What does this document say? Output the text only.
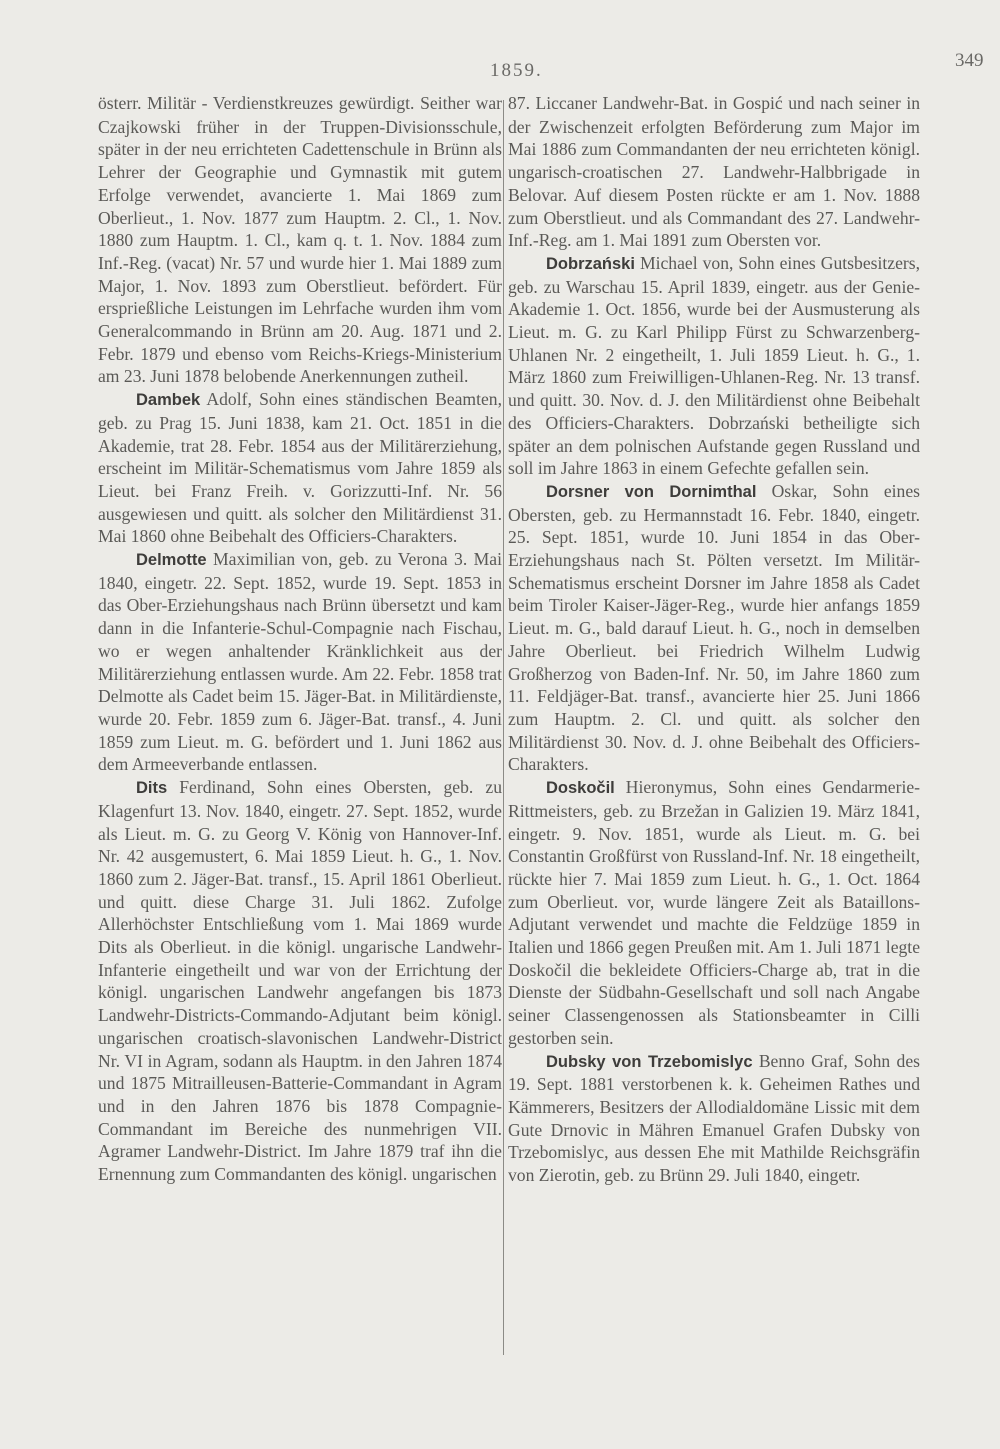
1859.	349

österr. Militär - Verdienstkreuzes gewürdigt. Seither war Czajkowski früher in der Truppen-Divisionsschule, später in der neu errichteten Cadettenschule in Brünn als Lehrer der Geographie und Gymnastik mit gutem Erfolge verwendet, avancierte 1. Mai 1869 zum Oberlieut., 1. Nov. 1877 zum Hauptm. 2. Cl., 1. Nov. 1880 zum Hauptm. 1. Cl., kam q. t. 1. Nov. 1884 zum Inf.-Reg. (vacat) Nr. 57 und wurde hier 1. Mai 1889 zum Major, 1. Nov. 1893 zum Oberstlieut. befördert. Für ersprießliche Leistungen im Lehrfache wurden ihm vom Generalcommando in Brünn am 20. Aug. 1871 und 2. Febr. 1879 und ebenso vom Reichs-Kriegs-Ministerium am 23. Juni 1878 belobende Anerkennungen zutheil.

Dambek Adolf, Sohn eines ständischen Beamten, geb. zu Prag 15. Juni 1838, kam 21. Oct. 1851 in die Akademie, trat 28. Febr. 1854 aus der Militärerziehung, erscheint im Militär-Schematismus vom Jahre 1859 als Lieut. bei Franz Freih. v. Gorizzutti-Inf. Nr. 56 ausgewiesen und quitt. als solcher den Militärdienst 31. Mai 1860 ohne Beibehalt des Officiers-Charakters.

Delmotte Maximilian von, geb. zu Verona 3. Mai 1840, eingetr. 22. Sept. 1852, wurde 19. Sept. 1853 in das Ober-Erziehungshaus nach Brünn übersetzt und kam dann in die Infanterie-Schul-Compagnie nach Fischau, wo er wegen anhaltender Kränklichkeit aus der Militärerziehung entlassen wurde. Am 22. Febr. 1858 trat Delmotte als Cadet beim 15. Jäger-Bat. in Militärdienste, wurde 20. Febr. 1859 zum 6. Jäger-Bat. transf., 4. Juni 1859 zum Lieut. m. G. befördert und 1. Juni 1862 aus dem Armeeverbande entlassen.

Dits Ferdinand, Sohn eines Obersten, geb. zu Klagenfurt 13. Nov. 1840, eingetr. 27. Sept. 1852, wurde als Lieut. m. G. zu Georg V. König von Hannover-Inf. Nr. 42 ausgemustert, 6. Mai 1859 Lieut. h. G., 1. Nov. 1860 zum 2. Jäger-Bat. transf., 15. April 1861 Oberlieut. und quitt. diese Charge 31. Juli 1862. Zufolge Allerhöchster Entschließung vom 1. Mai 1869 wurde Dits als Oberlieut. in die königl. ungarische Landwehr-Infanterie eingetheilt und war von der Errichtung der königl. ungarischen Landwehr angefangen bis 1873 Landwehr-Districts-Commando-Adjutant beim königl. ungarischen croatisch-slavonischen Landwehr-District Nr. VI in Agram, sodann als Hauptm. in den Jahren 1874 und 1875 Mitrailleusen-Batterie-Commandant in Agram und in den Jahren 1876 bis 1878 Compagnie-Commandant im Bereiche des nunmehrigen VII. Agramer Landwehr-District. Im Jahre 1879 traf ihn die Ernennung zum Commandanten des königl. ungarischen

87. Liccaner Landwehr-Bat. in Gospić und nach seiner in der Zwischenzeit erfolgten Beförderung zum Major im Mai 1886 zum Commandanten der neu errichteten königl. ungarisch-croatischen 27. Landwehr-Halbbrigade in Belovar. Auf diesem Posten rückte er am 1. Nov. 1888 zum Oberstlieut. und als Commandant des 27. Landwehr-Inf.-Reg. am 1. Mai 1891 zum Obersten vor.

Dobrzański Michael von, Sohn eines Gutsbesitzers, geb. zu Warschau 15. April 1839, eingetr. aus der Genie-Akademie 1. Oct. 1856, wurde bei der Ausmusterung als Lieut. m. G. zu Karl Philipp Fürst zu Schwarzenberg-Uhlanen Nr. 2 eingetheilt, 1. Juli 1859 Lieut. h. G., 1. März 1860 zum Freiwilligen-Uhlanen-Reg. Nr. 13 transf. und quitt. 30. Nov. d. J. den Militärdienst ohne Beibehalt des Officiers-Charakters. Dobrzański betheiligte sich später an dem polnischen Aufstande gegen Russland und soll im Jahre 1863 in einem Gefechte gefallen sein.

Dorsner von Dornimthal Oskar, Sohn eines Obersten, geb. zu Hermannstadt 16. Febr. 1840, eingetr. 25. Sept. 1851, wurde 10. Juni 1854 in das Ober-Erziehungshaus nach St. Pölten versetzt. Im Militär-Schematismus erscheint Dorsner im Jahre 1858 als Cadet beim Tiroler Kaiser-Jäger-Reg., wurde hier anfangs 1859 Lieut. m. G., bald darauf Lieut. h. G., noch in demselben Jahre Oberlieut. bei Friedrich Wilhelm Ludwig Großherzog von Baden-Inf. Nr. 50, im Jahre 1860 zum 11. Feldjäger-Bat. transf., avancierte hier 25. Juni 1866 zum Hauptm. 2. Cl. und quitt. als solcher den Militärdienst 30. Nov. d. J. ohne Beibehalt des Officiers-Charakters.

Doskočil Hieronymus, Sohn eines Gendarmerie-Rittmeisters, geb. zu Brzežan in Galizien 19. März 1841, eingetr. 9. Nov. 1851, wurde als Lieut. m. G. bei Constantin Großfürst von Russland-Inf. Nr. 18 eingetheilt, rückte hier 7. Mai 1859 zum Lieut. h. G., 1. Oct. 1864 zum Oberlieut. vor, wurde längere Zeit als Bataillons-Adjutant verwendet und machte die Feldzüge 1859 in Italien und 1866 gegen Preußen mit. Am 1. Juli 1871 legte Doskočil die bekleidete Officiers-Charge ab, trat in die Dienste der Südbahn-Gesellschaft und soll nach Angabe seiner Classengenossen als Stationsbeamter in Cilli gestorben sein.

Dubsky von Trzebomislyc Benno Graf, Sohn des 19. Sept. 1881 verstorbenen k. k. Geheimen Rathes und Kämmerers, Besitzers der Allodialdomäne Lissic mit dem Gute Drnovic in Mähren Emanuel Grafen Dubsky von Trzebomislyc, aus dessen Ehe mit Mathilde Reichsgräfin von Zierotin, geb. zu Brünn 29. Juli 1840, eingetr.
